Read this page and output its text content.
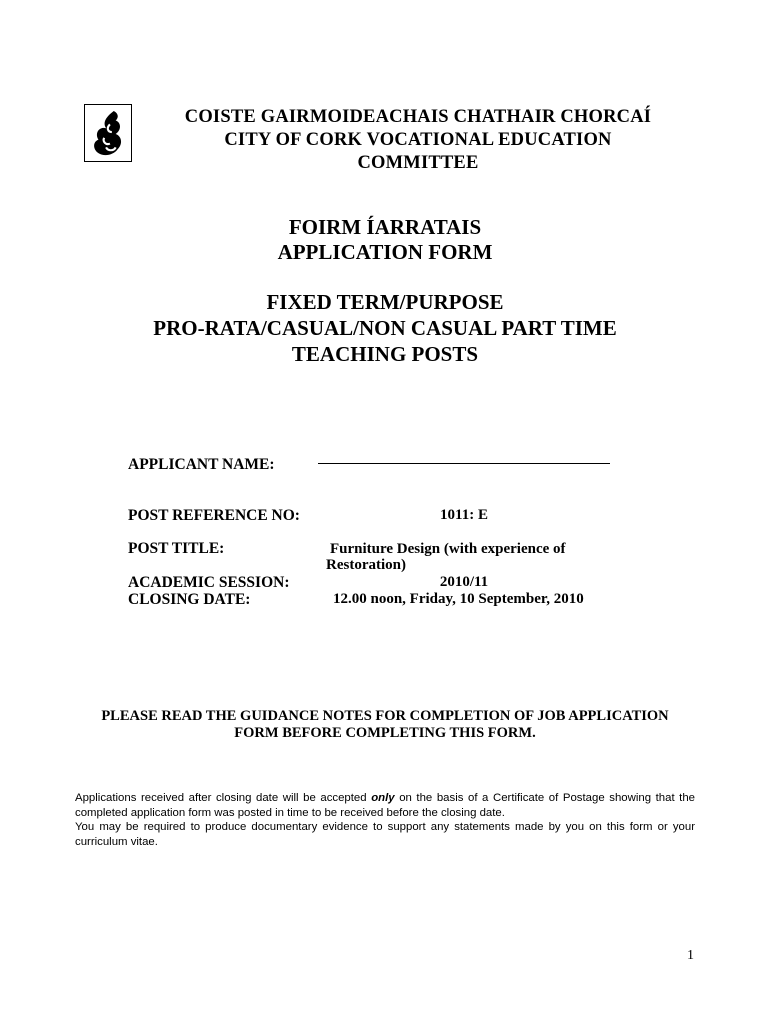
COISTE GAIRMOIDEACHAIS CHATHAIR CHORCAÍ
CITY OF CORK VOCATIONAL EDUCATION
COMMITTEE
FOIRM ÍARRATAIS
APPLICATION FORM
FIXED TERM/PURPOSE
PRO-RATA/CASUAL/NON CASUAL PART TIME
TEACHING POSTS
APPLICANT NAME:
POST REFERENCE NO:	1011: E
POST TITLE:	Furniture Design (with experience of
Restoration)
ACADEMIC SESSION:	2010/11
CLOSING DATE:	12.00 noon, Friday, 10 September, 2010
PLEASE READ THE GUIDANCE NOTES FOR COMPLETION OF JOB APPLICATION
FORM BEFORE COMPLETING THIS FORM.
Applications received after closing date will be accepted only on the basis of a Certificate of Postage showing that the completed application form was posted in time to be received before the closing date.
You may be required to produce documentary evidence to support any statements made by you on this form or your curriculum vitae.
1
